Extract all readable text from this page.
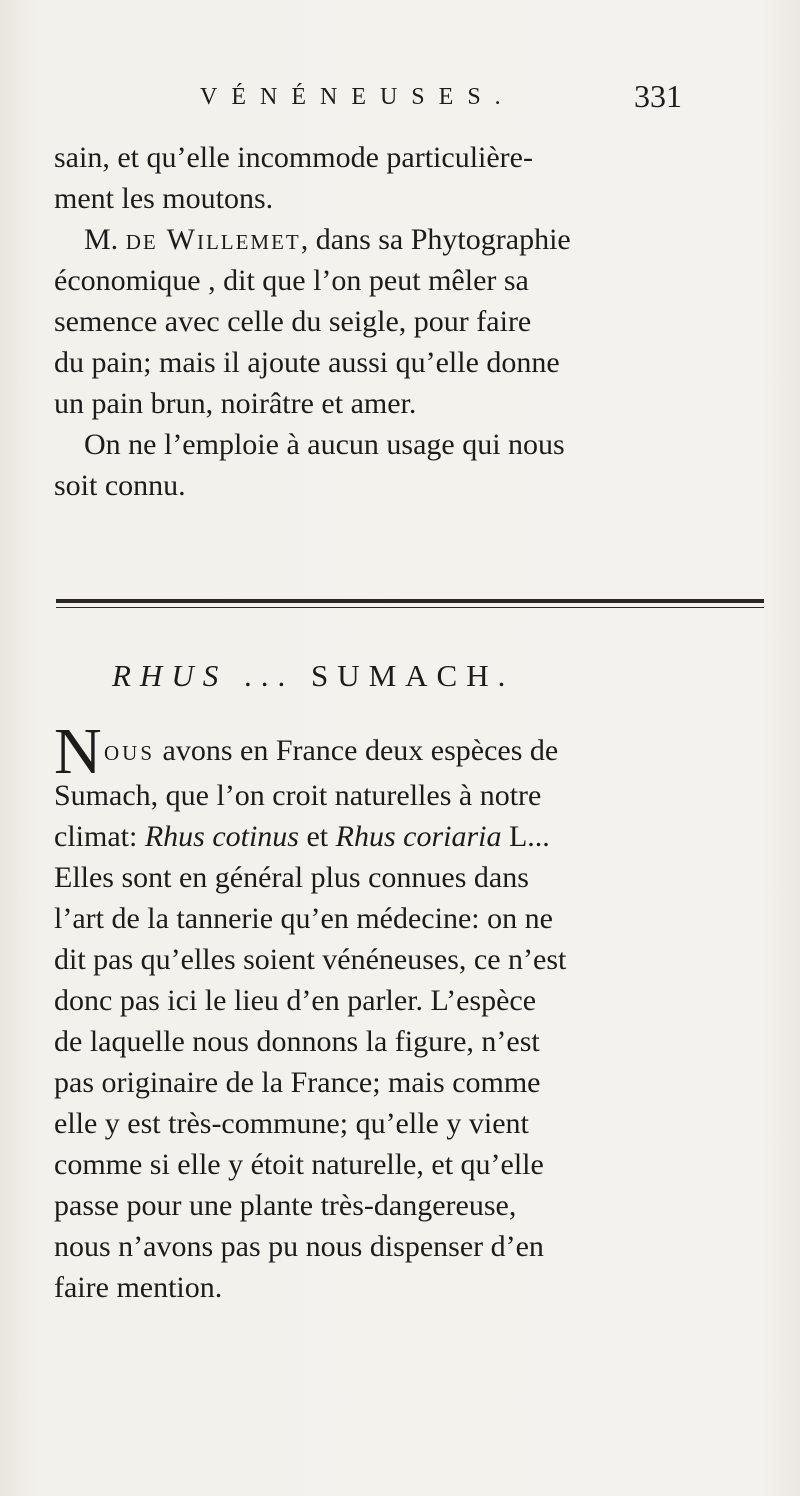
VÉNÉNEUSES.	331
sain, et qu’elle incommode particulière-
ment les moutons.
M. de Willemet, dans sa Phytographie
économique , dit que l’on peut mêler sa
semence avec celle du seigle, pour faire
du pain; mais il ajoute aussi qu’elle donne
un pain brun, noirâtre et amer.
On ne l’emploie à aucun usage qui nous
soit connu.
RHUS ... SUMACH.
N ous avons en France deux espèces de
Sumach, que l’on croit naturelles à notre
climat: Rhus cotinus et Rhus coriaria L...
Elles sont en général plus connues dans
l’art de la tannerie qu’en médecine: on ne
dit pas qu’elles soient vénéneuses, ce n’est
donc pas ici le lieu d’en parler. L’espèce
de laquelle nous donnons la figure, n’est
pas originaire de la France; mais comme
elle y est très-commune; qu’elle y vient
comme si elle y étoit naturelle, et qu’elle
passe pour une plante très-dangereuse,
nous n’avons pas pu nous dispenser d’en
faire mention.
